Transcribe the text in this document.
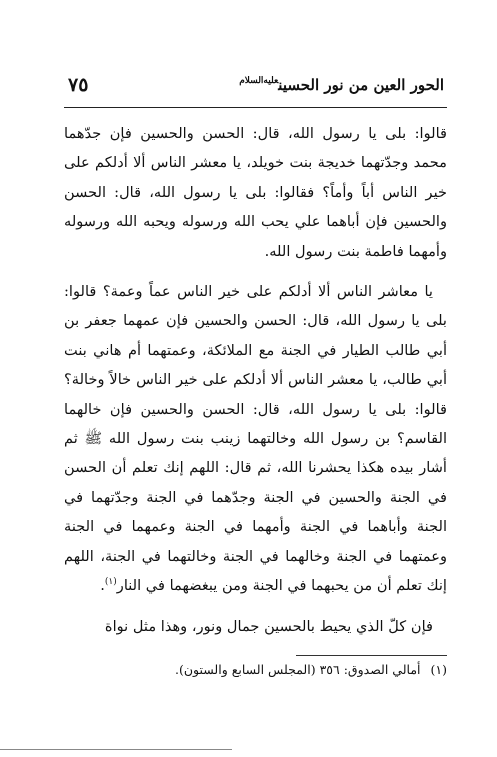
الحور العين من نور الحسين$^{عليه‌السلام}$
٧٥

قالوا: بلى يا رسول الله، قال: الحسن والحسين فإن جدّهما محمد وجدّتهما خديجة بنت خويلد، يا معشر الناس ألا أدلكم على خير الناس أباً وأماً؟ فقالوا: بلى يا رسول الله، قال: الحسن والحسين فإن أباهما علي يحب الله ورسوله ويحبه الله ورسوله وأمهما فاطمة بنت رسول الله.

يا معاشر الناس ألا أدلكم على خير الناس عماً وعمة؟ قالوا: بلى يا رسول الله، قال: الحسن والحسين فإن عمهما جعفر بن أبي طالب الطيار في الجنة مع الملائكة، وعمتهما أم هاني بنت أبي طالب، يا معشر الناس ألا أدلكم على خير الناس خالاً وخالة؟ قالوا: بلى يا رسول الله، قال: الحسن والحسين فإن خالهما القاسم؟ بن رسول الله وخالتهما زينب بنت رسول الله ﷺ ثم أشار بيده هكذا يحشرنا الله، ثم قال: اللهم إنك تعلم أن الحسن في الجنة والحسين في الجنة وجدّهما في الجنة وجدّتهما في الجنة وأباهما في الجنة وأمهما في الجنة وعمهما في الجنة وعمتهما في الجنة وخالهما في الجنة وخالتهما في الجنة، اللهم إنك تعلم أن من يحبهما في الجنة ومن يبغضهما في النار$^{(١)}$.

فإن كلّ الذي يحيط بالحسين جمال ونور، وهذا مثل نواة

(١)أمالي الصدوق: ٣٥٦ (المجلس السابع والستون).
